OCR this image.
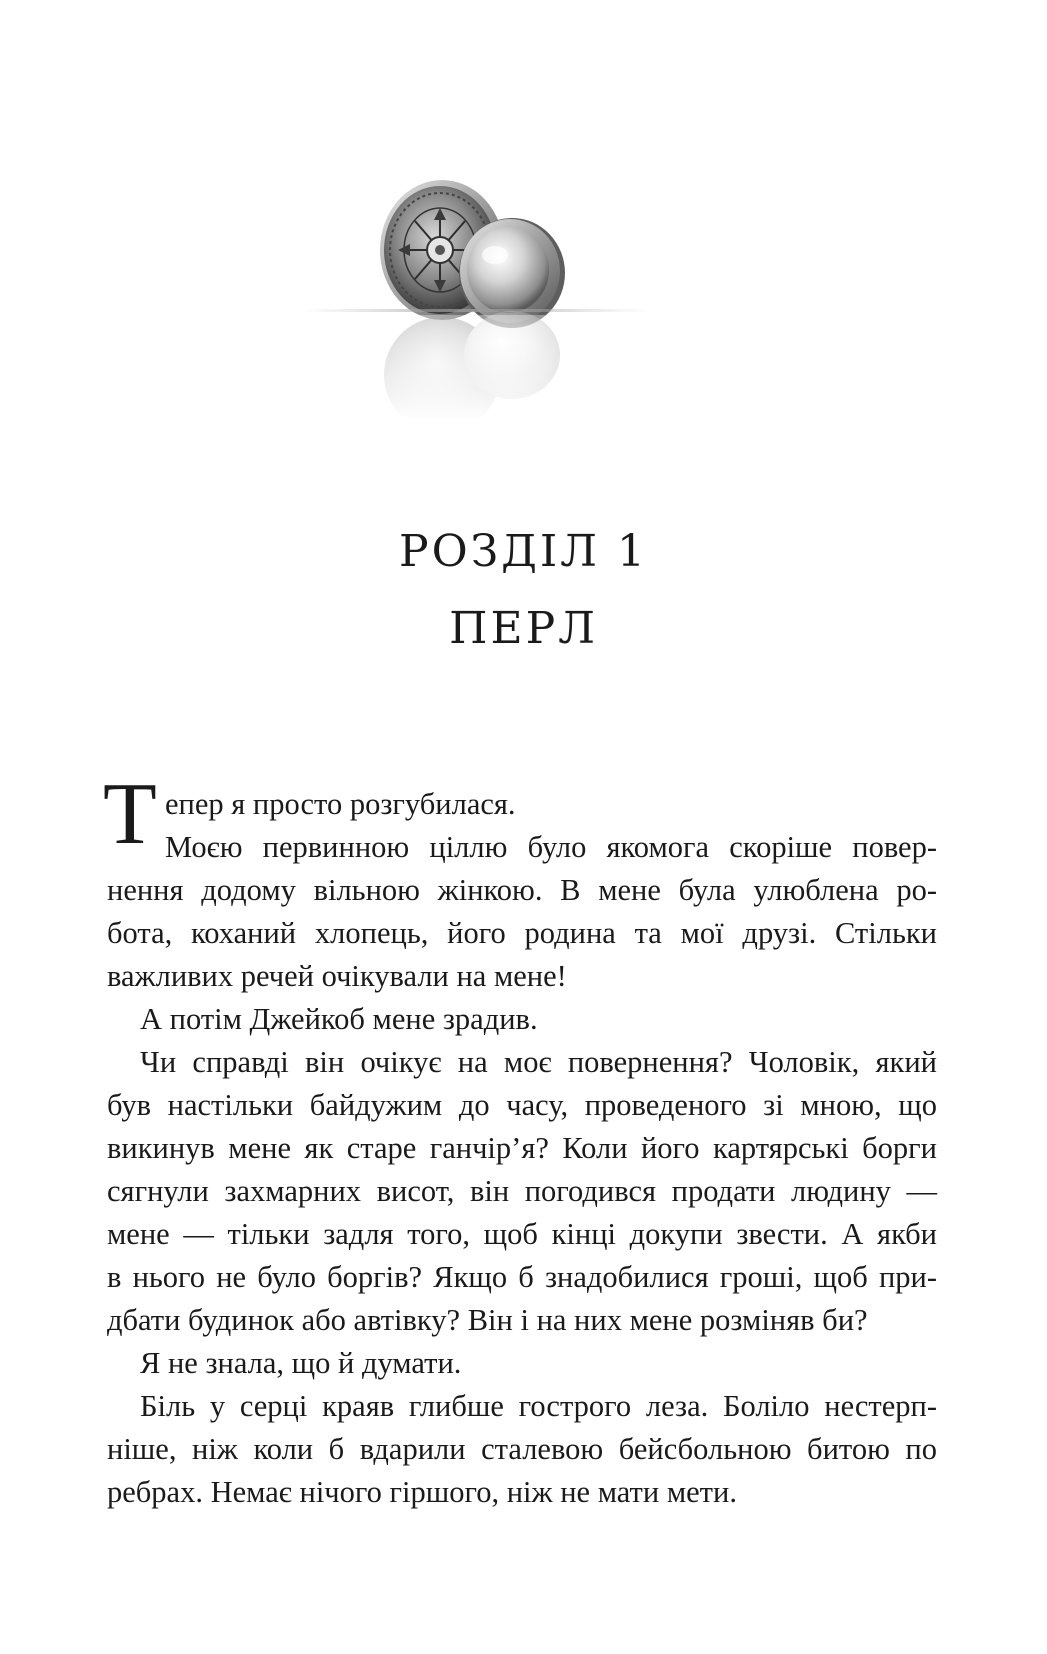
РОЗДІЛ 1
ПЕРЛ
Т епер я просто розгубилася.
Моєю первинною ціллю було якомога скоріше повер-
нення додому вільною жінкою. В мене була улюблена ро-
бота, коханий хлопець, його родина та мої друзі. Стільки
важливих речей очікували на мене!
А потім Джейкоб мене зрадив.
Чи справді він очікує на моє повернення? Чоловік, який
був настільки байдужим до часу, проведеного зі мною, що
викинув мене як старе ганчір’я? Коли його картярські борги
сягнули захмарних висот, він погодився продати людину —
мене — тільки задля того, щоб кінці докупи звести. А якби
в нього не було боргів? Якщо б знадобилися гроші, щоб при-
дбати будинок або автівку? Він і на них мене розміняв би?
Я не знала, що й думати.
Біль у серці краяв глибше гострого леза. Боліло нестерп-
ніше, ніж коли б вдарили сталевою бейсбольною битою по
ребрах. Немає нічого гіршого, ніж не мати мети.
